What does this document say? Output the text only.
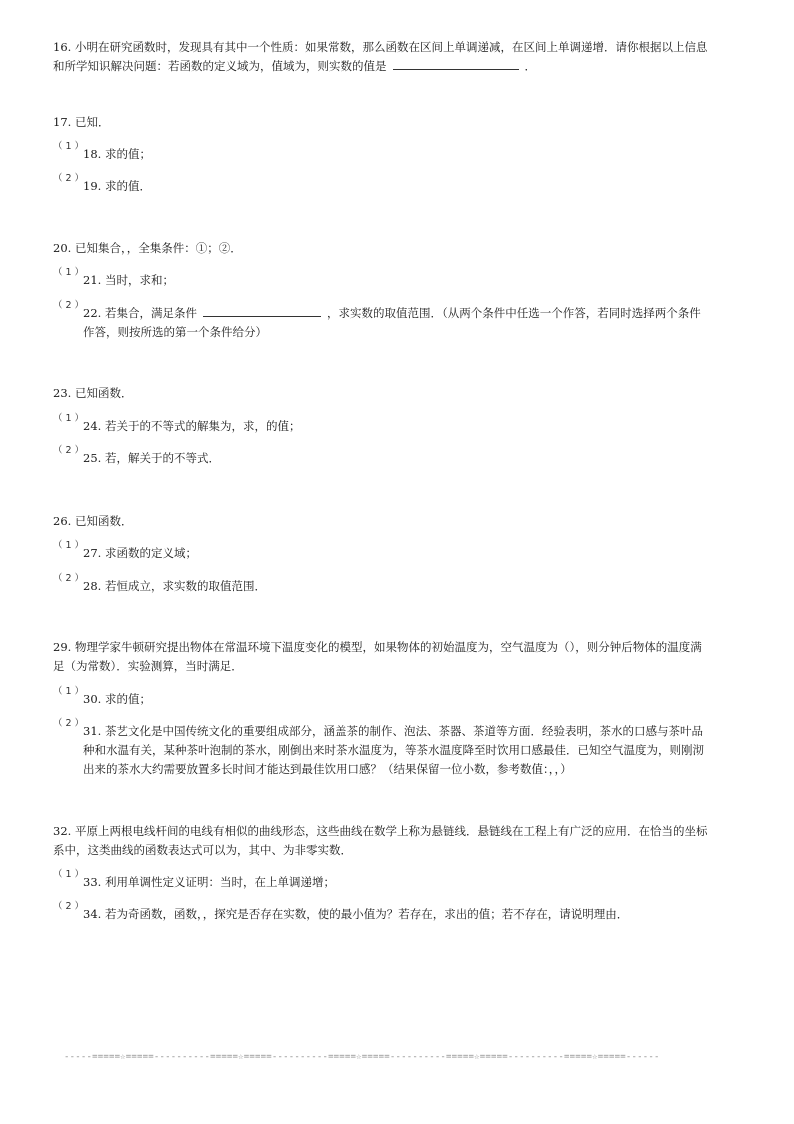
16. 小明在研究函数时，发现具有其中一个性质：如果常数，那么函数在区间上单调递减，在区间上单调递增．请你根据以上信息
和所学知识解决问题：若函数的定义域为，值域为，则实数的值是	．
17. 已知．
（1）
18. 求的值；
（2）
19. 求的值．
20. 已知集合，，全集条件：①；②．
（1）
21. 当时，求和；
（2）
22. 若集合，满足条件	，求实数的取值范围．（从两个条件中任选一个作答，若同时选择两个条件
作答，则按所选的第一个条件给分）
23. 已知函数．
（1）
24. 若关于的不等式的解集为，求，的值；
（2）
25. 若，解关于的不等式．
26. 已知函数．
（1）
27. 求函数的定义域；
（2）
28. 若恒成立，求实数的取值范围．
29. 物理学家牛顿研究提出物体在常温环境下温度变化的模型，如果物体的初始温度为，空气温度为（），则分钟后物体的温度满
足（为常数）．实验测算，当时满足．
（1）
30. 求的值；
（2）
31. 茶艺文化是中国传统文化的重要组成部分，涵盖茶的制作、泡法、茶器、茶道等方面．经验表明，茶水的口感与茶叶品
种和水温有关，某种茶叶泡制的茶水，刚倒出来时茶水温度为，等茶水温度降至时饮用口感最佳．已知空气温度为，则刚沏
出来的茶水大约需要放置多长时间才能达到最佳饮用口感？（结果保留一位小数，参考数值：，，）
32. 平原上两根电线杆间的电线有相似的曲线形态，这些曲线在数学上称为悬链线．悬链线在工程上有广泛的应用．在恰当的坐标
系中，这类曲线的函数表达式可以为，其中、为非零实数．
（1）
33. 利用单调性定义证明：当时，在上单调递增；
（2）
34. 若为奇函数，函数，，探究是否存在实数，使的最小值为？若存在，求出的值；若不存在，请说明理由．
-----=====☆=====----------=====☆=====----------=====☆=====----------=====☆=====----------=====☆=====------
